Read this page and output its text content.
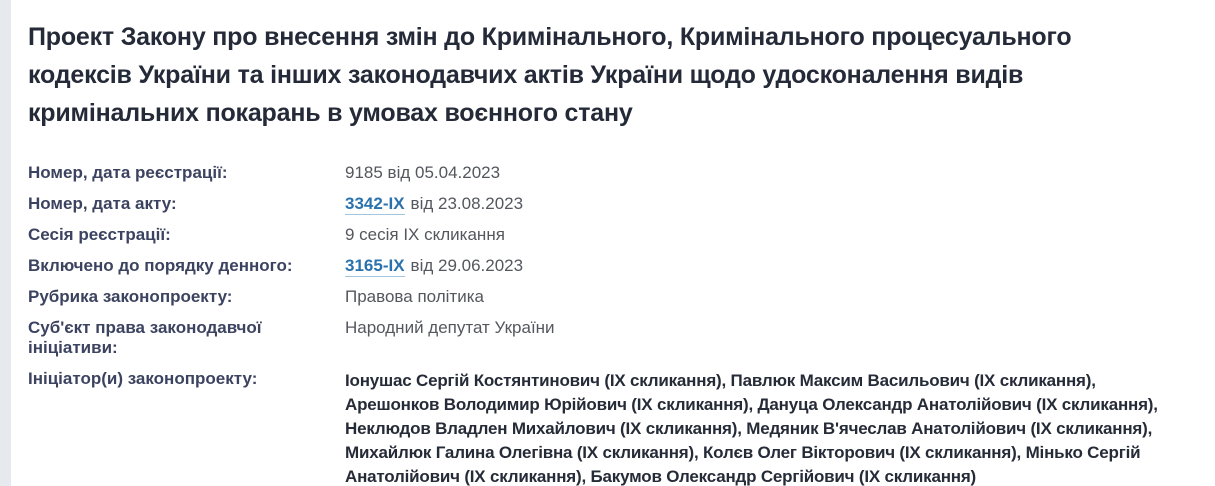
Проект Закону про внесення змін до Кримінального, Кримінального процесуального кодексів України та інших законодавчих актів України щодо удосконалення видів кримінальних покарань в умовах воєнного стану
Номер, дата реєстрації:	9185 від 05.04.2023
Номер, дата акту:	3342-IX від 23.08.2023
Сесія реєстрації:	9 сесія IX скликання
Включено до порядку денного:	3165-IX від 29.06.2023
Рубрика законопроекту:	Правова політика
Суб'єкт права законодавчої ініціативи:
Народний депутат України
Ініціатор(и) законопроекту:	Іонушас Сергій Костянтинович (IX скликання), Павлюк Максим Васильович (IX скликання), Арешонков Володимир Юрійович (IX скликання), Дануца Олександр Анатолійович (IX скликання), Неклюдов Владлен Михайлович (IX скликання), Медяник В'ячеслав Анатолійович (IX скликання), Михайлюк Галина Олегівна (IX скликання), Колєв Олег Вікторович (IX скликання), Мінько Сергій Анатолійович (IX скликання), Бакумов Олександр Сергійович (IX скликання)
